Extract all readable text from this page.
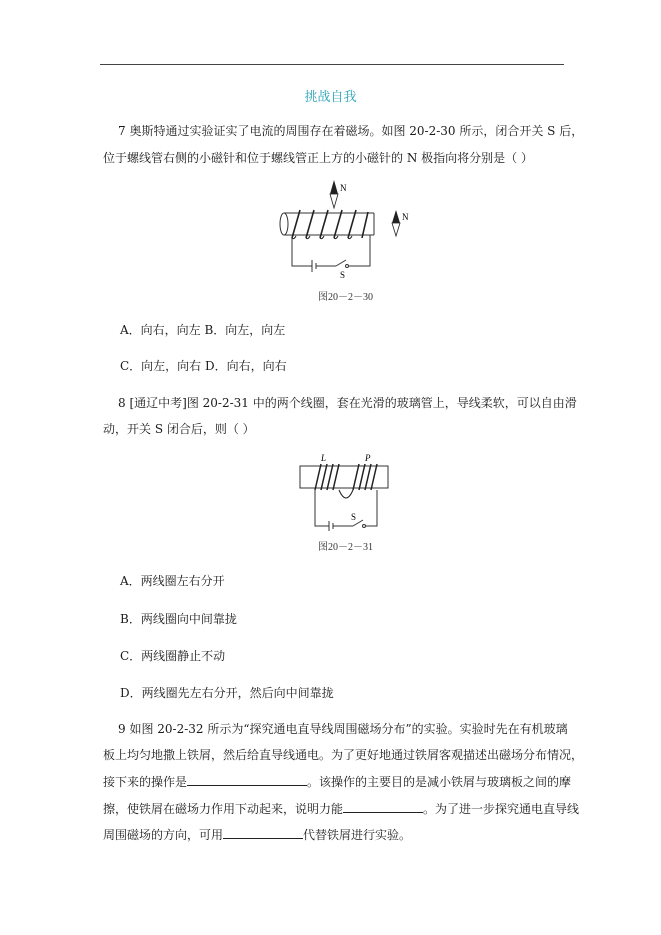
挑战自我
7 奥斯特通过实验证实了电流的周围存在着磁场。如图 20-2-30 所示，闭合开关 S 后，
位于螺线管右侧的小磁针和位于螺线管正上方的小磁针的 N 极指向将分别是（ ）
N
N
S
图20－2－30
A．向右，向左 B．向左，向左
C．向左，向右 D．向右，向右
8 [通辽中考]图 20-2-31 中的两个线圈，套在光滑的玻璃管上，导线柔软，可以自由滑
动，开关 S 闭合后，则（ ）
L	P
S
图20－2－31
A．两线圈左右分开
B．两线圈向中间靠拢
C．两线圈静止不动
D．两线圈先左右分开，然后向中间靠拢
9 如图 20-2-32 所示为“探究通电直导线周围磁场分布”的实验。实验时先在有机玻璃
板上均匀地撒上铁屑，然后给直导线通电。为了更好地通过铁屑客观描述出磁场分布情况，
接下来的操作是	。该操作的主要目的是减小铁屑与玻璃板之间的摩
擦，使铁屑在磁场力作用下动起来，说明力能	。为了进一步探究通电直导线
周围磁场的方向，可用	代替铁屑进行实验。
